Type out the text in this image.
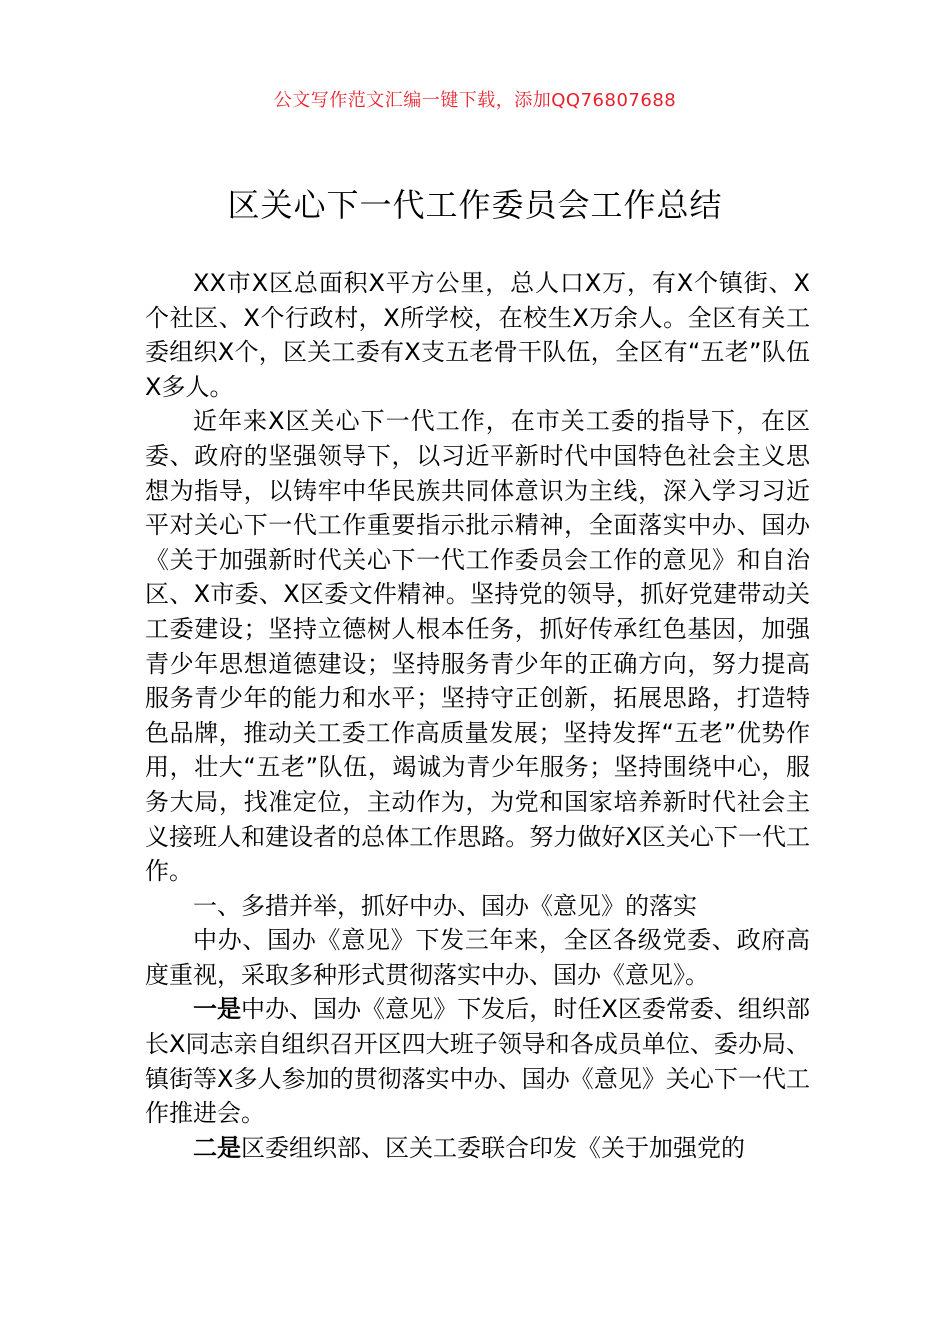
公文写作范文汇编一键下载，添加QQ76807688
区关心下一代工作委员会工作总结

XX市X区总面积X平方公里，总人口X万，有X个镇街、X个社区、X个行政村，X所学校，在校生X万余人。全区有关工委组织X个，区关工委有X支五老骨干队伍，全区有“五老”队伍X多人。

近年来X区关心下一代工作，在市关工委的指导下，在区委、政府的坚强领导下，以习近平新时代中国特色社会主义思想为指导，以铸牢中华民族共同体意识为主线，深入学习习近平对关心下一代工作重要指示批示精神，全面落实中办、国办《关于加强新时代关心下一代工作委员会工作的意见》和自治区、X市委、X区委文件精神。坚持党的领导，抓好党建带动关工委建设；坚持立德树人根本任务，抓好传承红色基因，加强青少年思想道德建设；坚持服务青少年的正确方向，努力提高服务青少年的能力和水平；坚持守正创新，拓展思路，打造特色品牌，推动关工委工作高质量发展；坚持发挥“五老”优势作用，壮大“五老”队伍，竭诚为青少年服务；坚持围绕中心，服务大局，找准定位，主动作为，为党和国家培养新时代社会主义接班人和建设者的总体工作思路。努力做好X区关心下一代工作。

一、多措并举，抓好中办、国办《意见》的落实

中办、国办《意见》下发三年来，全区各级党委、政府高度重视，采取多种形式贯彻落实中办、国办《意见》。

一是中办、国办《意见》下发后，时任X区委常委、组织部长X同志亲自组织召开区四大班子领导和各成员单位、委办局、镇街等X多人参加的贯彻落实中办、国办《意见》关心下一代工作推进会。

二是区委组织部、区关工委联合印发《关于加强党的
